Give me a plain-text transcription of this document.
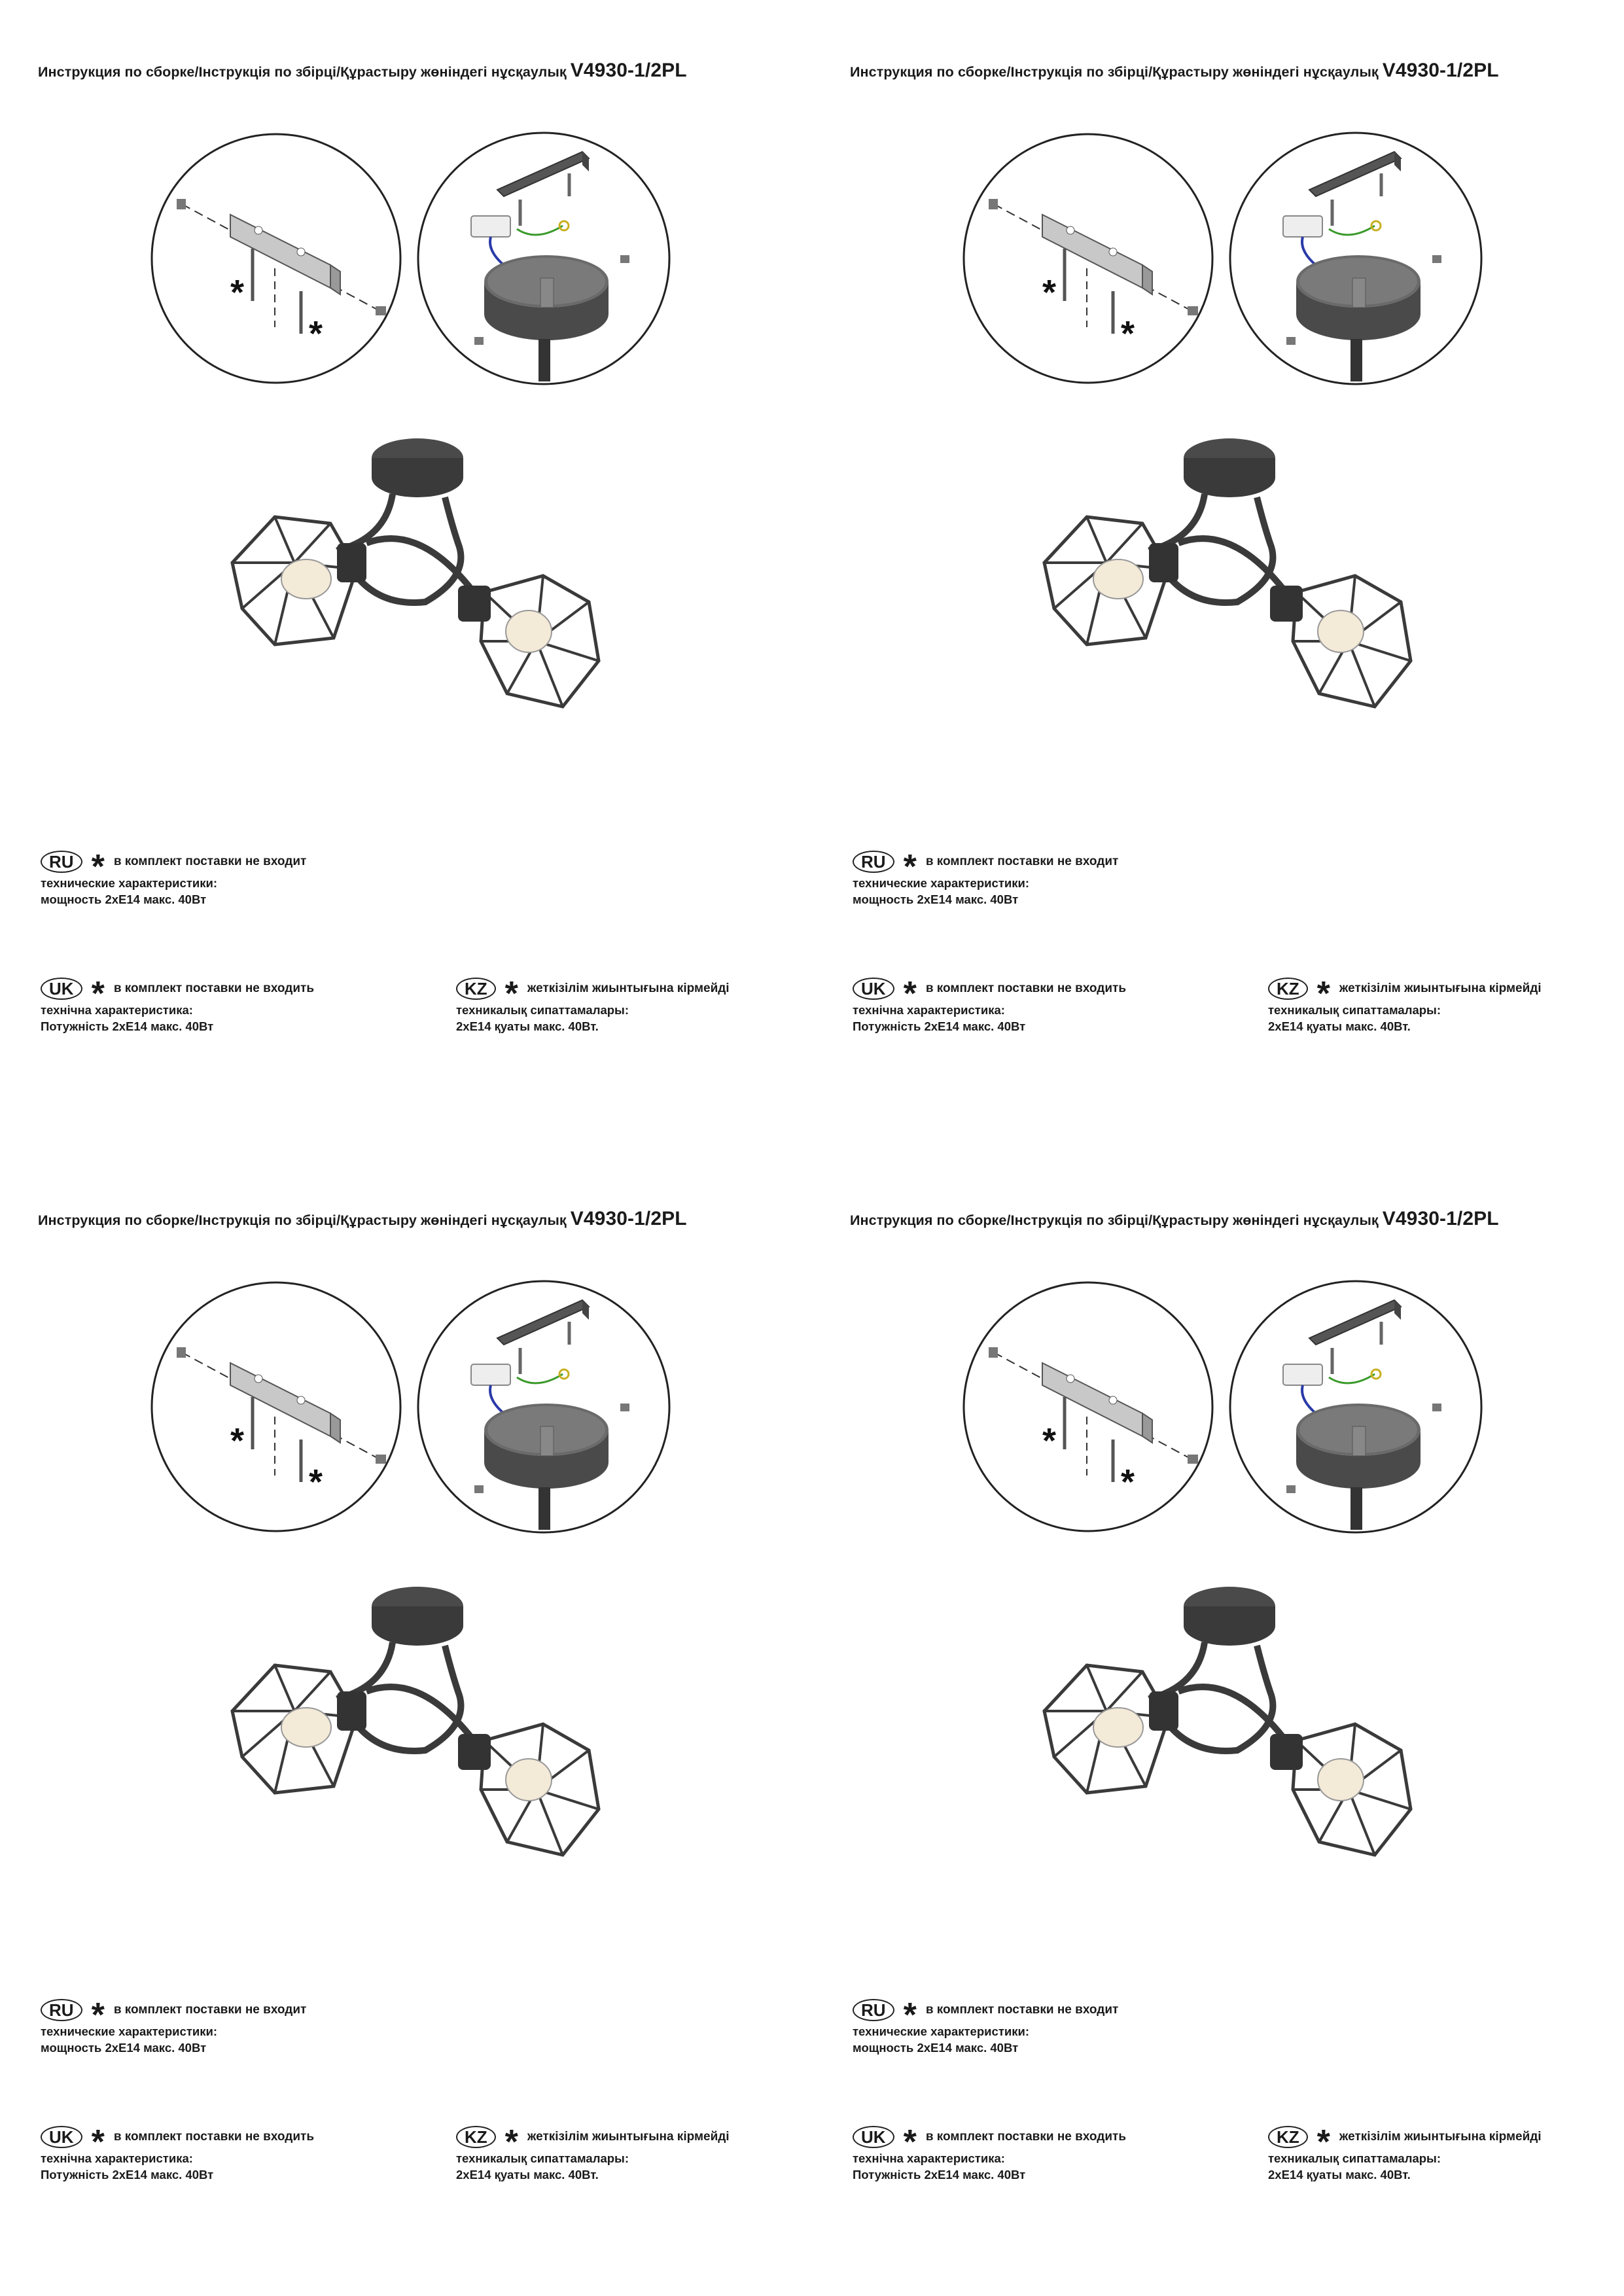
Инструкция по сборке/Інструкція по збірці/Құрастыру жөніндегі нұсқаулық V4930-1/2PL
*
*
RU * в комплект поставки не входит
технические характеристики:
мощность 2xE14 макс. 40Вт
UK * в комплект поставки не входить
технічна характеристика:
Потужність 2xE14 макс. 40Вт
KZ * жеткізілім жиынтығына кірмейді
техникалық сипаттамалары:
2xE14 қуаты макс. 40Вт.
Инструкция по сборке/Інструкція по збірці/Құрастыру жөніндегі нұсқаулық V4930-1/2PL
*
*
RU * в комплект поставки не входит
технические характеристики:
мощность 2xE14 макс. 40Вт
UK * в комплект поставки не входить
технічна характеристика:
Потужність 2xE14 макс. 40Вт
KZ * жеткізілім жиынтығына кірмейді
техникалық сипаттамалары:
2xE14 қуаты макс. 40Вт.
Инструкция по сборке/Інструкція по збірці/Құрастыру жөніндегі нұсқаулық V4930-1/2PL
*
*
RU * в комплект поставки не входит
технические характеристики:
мощность 2xE14 макс. 40Вт
UK * в комплект поставки не входить
технічна характеристика:
Потужність 2xE14 макс. 40Вт
KZ * жеткізілім жиынтығына кірмейді
техникалық сипаттамалары:
2xE14 қуаты макс. 40Вт.
Инструкция по сборке/Інструкція по збірці/Құрастыру жөніндегі нұсқаулық V4930-1/2PL
*
*
RU * в комплект поставки не входит
технические характеристики:
мощность 2xE14 макс. 40Вт
UK * в комплект поставки не входить
технічна характеристика:
Потужність 2xE14 макс. 40Вт
KZ * жеткізілім жиынтығына кірмейді
техникалық сипаттамалары:
2xE14 қуаты макс. 40Вт.
